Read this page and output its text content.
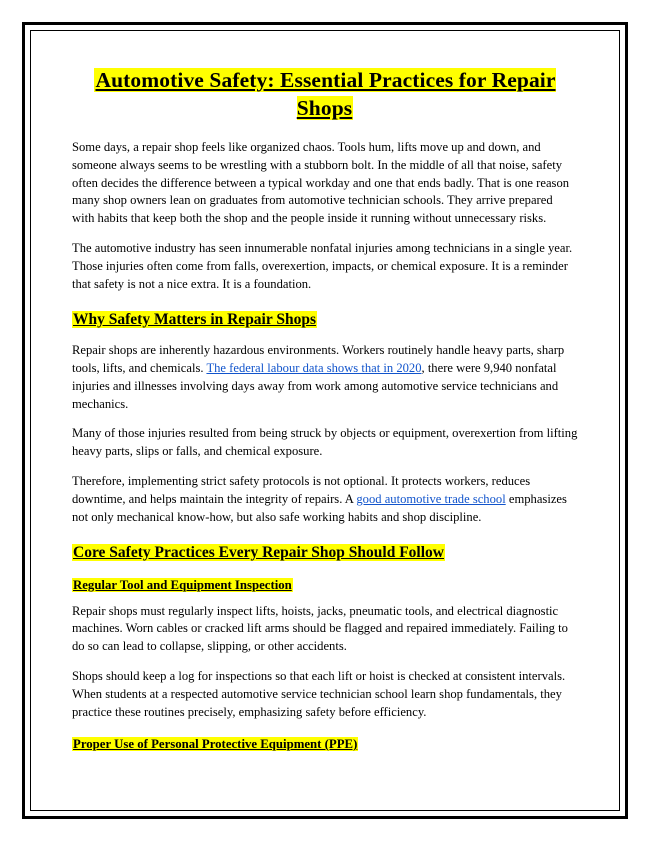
Automotive Safety: Essential Practices for Repair Shops

Some days, a repair shop feels like organized chaos. Tools hum, lifts move up and down, and someone always seems to be wrestling with a stubborn bolt. In the middle of all that noise, safety often decides the difference between a typical workday and one that ends badly. That is one reason many shop owners lean on graduates from automotive technician schools. They arrive prepared with habits that keep both the shop and the people inside it running without unnecessary risks.

The automotive industry has seen innumerable nonfatal injuries among technicians in a single year. Those injuries often come from falls, overexertion, impacts, or chemical exposure. It is a reminder that safety is not a nice extra. It is a foundation.

Why Safety Matters in Repair Shops

Repair shops are inherently hazardous environments. Workers routinely handle heavy parts, sharp tools, lifts, and chemicals. The federal labour data shows that in 2020, there were 9,940 nonfatal injuries and illnesses involving days away from work among automotive service technicians and mechanics.

Many of those injuries resulted from being struck by objects or equipment, overexertion from lifting heavy parts, slips or falls, and chemical exposure.

Therefore, implementing strict safety protocols is not optional. It protects workers, reduces downtime, and helps maintain the integrity of repairs. A good automotive trade school emphasizes not only mechanical know-how, but also safe working habits and shop discipline.

Core Safety Practices Every Repair Shop Should Follow
Regular Tool and Equipment Inspection

Repair shops must regularly inspect lifts, hoists, jacks, pneumatic tools, and electrical diagnostic machines. Worn cables or cracked lift arms should be flagged and repaired immediately. Failing to do so can lead to collapse, slipping, or other accidents.

Shops should keep a log for inspections so that each lift or hoist is checked at consistent intervals. When students at a respected automotive service technician school learn shop fundamentals, they practice these routines precisely, emphasizing safety before efficiency.

Proper Use of Personal Protective Equipment (PPE)
